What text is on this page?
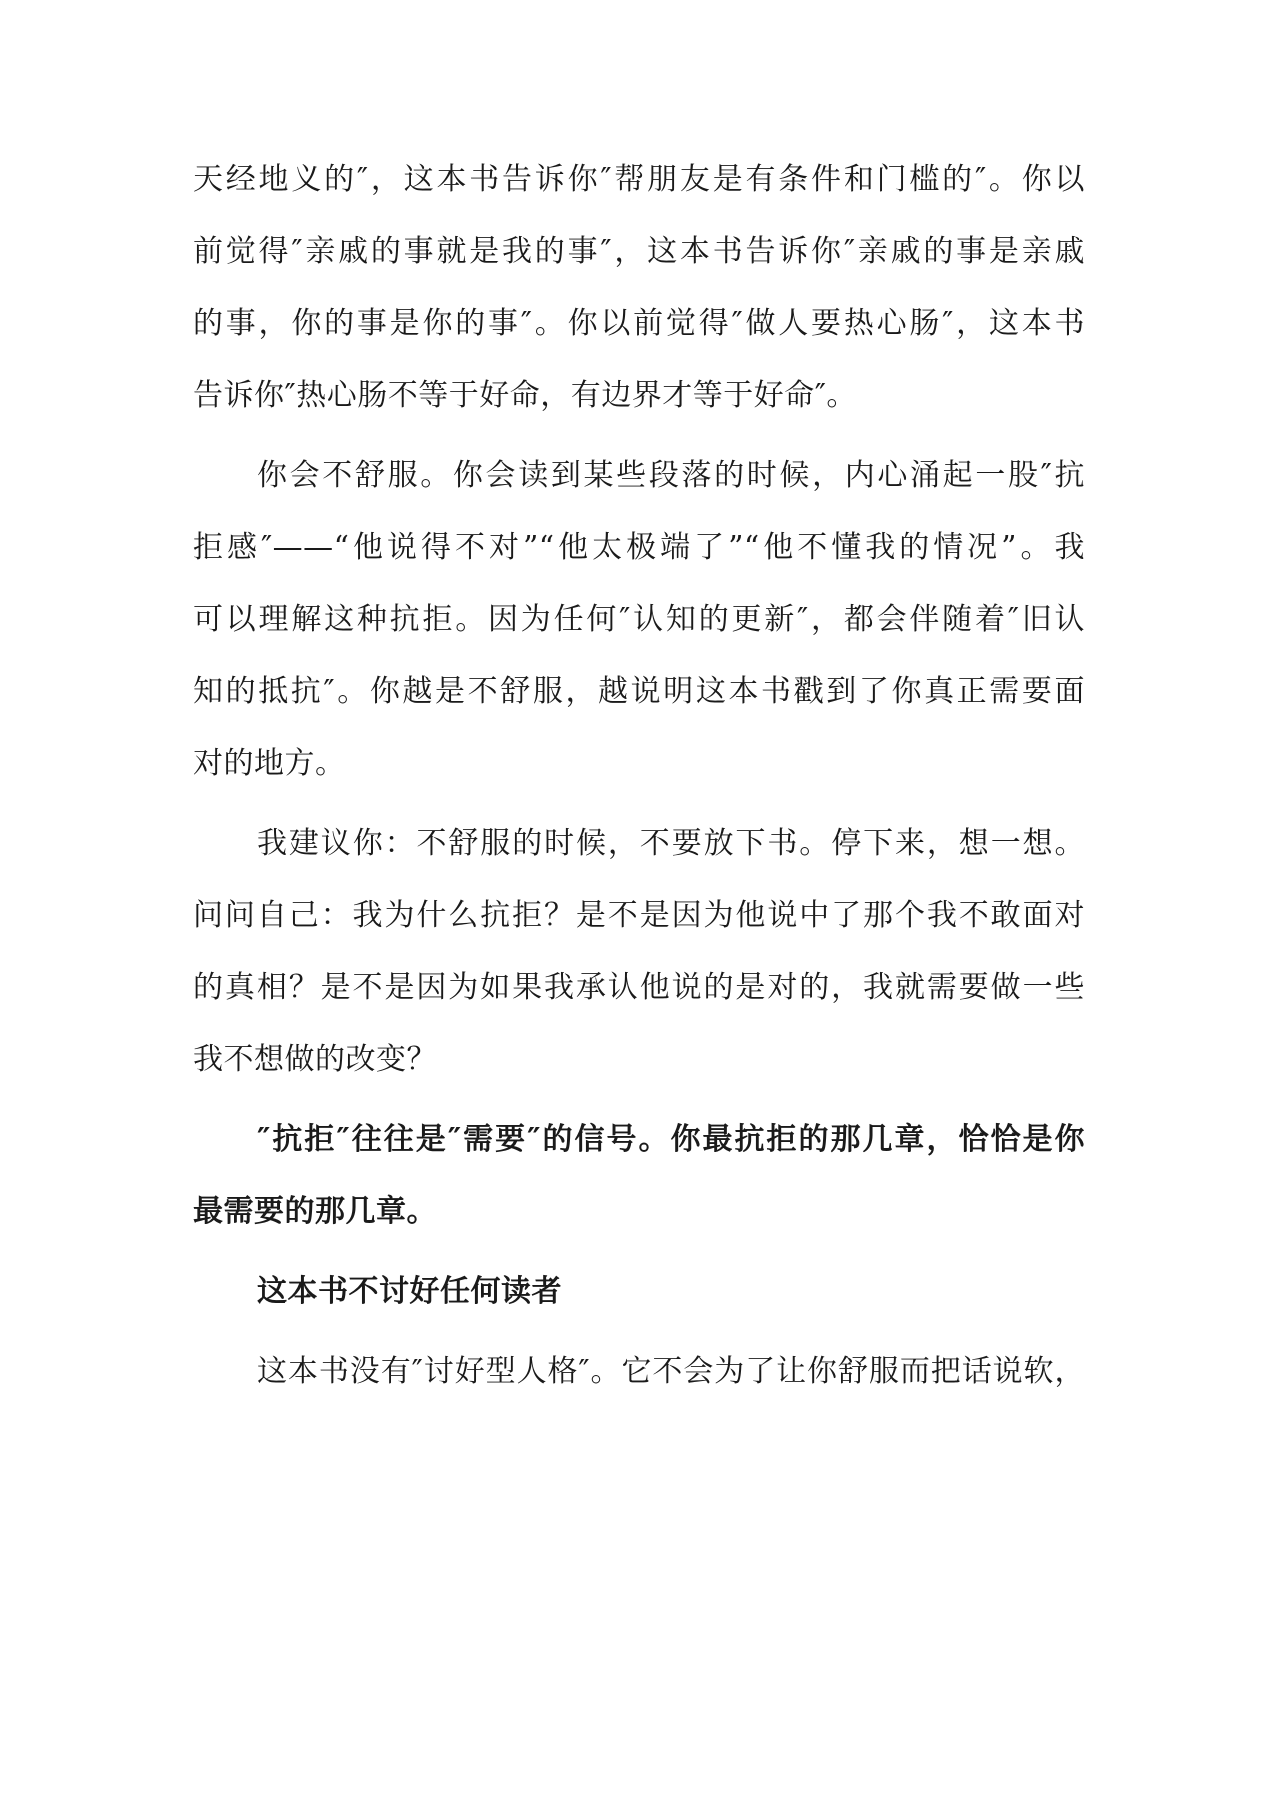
天经地义的″，这本书告诉你″帮朋友是有条件和门槛的″。你以
前觉得″亲戚的事就是我的事″，这本书告诉你″亲戚的事是亲戚
的事，你的事是你的事″。你以前觉得″做人要热心肠″，这本书
告诉你″热心肠不等于好命，有边界才等于好命″。
你会不舒服。你会读到某些段落的时候，内心涌起一股″抗
拒感″——“他说得不对”“他太极端了”“他不懂我的情况”。我
可以理解这种抗拒。因为任何″认知的更新″，都会伴随着″旧认
知的抵抗″。你越是不舒服，越说明这本书戳到了你真正需要面
对的地方。
我建议你：不舒服的时候，不要放下书。停下来，想一想。
问问自己：我为什么抗拒？是不是因为他说中了那个我不敢面对
的真相？是不是因为如果我承认他说的是对的，我就需要做一些
我不想做的改变？
″抗拒″往往是″需要″的信号。你最抗拒的那几章，恰恰是你
最需要的那几章。
这本书不讨好任何读者
这本书没有″讨好型人格″。它不会为了让你舒服而把话说软，
